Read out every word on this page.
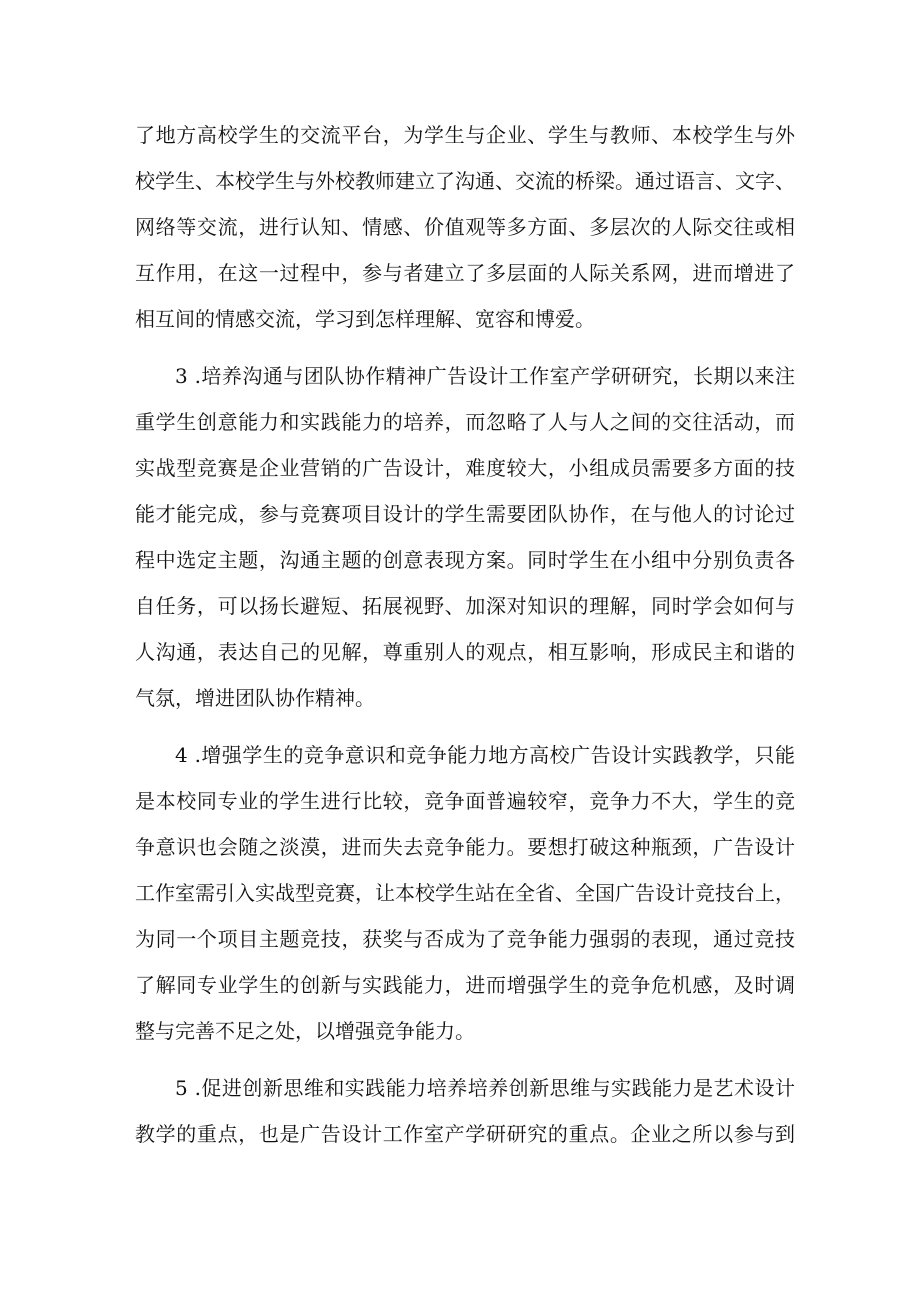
了地方高校学生的交流平台，为学生与企业、学生与教师、本校学生与外
校学生、本校学生与外校教师建立了沟通、交流的桥梁。通过语言、文字、
网络等交流，进行认知、情感、价值观等多方面、多层次的人际交往或相
互作用，在这一过程中，参与者建立了多层面的人际关系网，进而增进了
相互间的情感交流，学习到怎样理解、宽容和博爱。
3 .培养沟通与团队协作精神广告设计工作室产学研研究，长期以来注
重学生创意能力和实践能力的培养，而忽略了人与人之间的交往活动，而
实战型竞赛是企业营销的广告设计，难度较大，小组成员需要多方面的技
能才能完成，参与竞赛项目设计的学生需要团队协作，在与他人的讨论过
程中选定主题，沟通主题的创意表现方案。同时学生在小组中分别负责各
自任务，可以扬长避短、拓展视野、加深对知识的理解，同时学会如何与
人沟通，表达自己的见解，尊重别人的观点，相互影响，形成民主和谐的
气氛，增进团队协作精神。
4 .增强学生的竞争意识和竞争能力地方高校广告设计实践教学，只能
是本校同专业的学生进行比较，竞争面普遍较窄，竞争力不大，学生的竞
争意识也会随之淡漠，进而失去竞争能力。要想打破这种瓶颈，广告设计
工作室需引入实战型竞赛，让本校学生站在全省、全国广告设计竞技台上，
为同一个项目主题竞技，获奖与否成为了竞争能力强弱的表现，通过竞技
了解同专业学生的创新与实践能力，进而增强学生的竞争危机感，及时调
整与完善不足之处，以增强竞争能力。
5 .促进创新思维和实践能力培养培养创新思维与实践能力是艺术设计
教学的重点，也是广告设计工作室产学研研究的重点。企业之所以参与到
